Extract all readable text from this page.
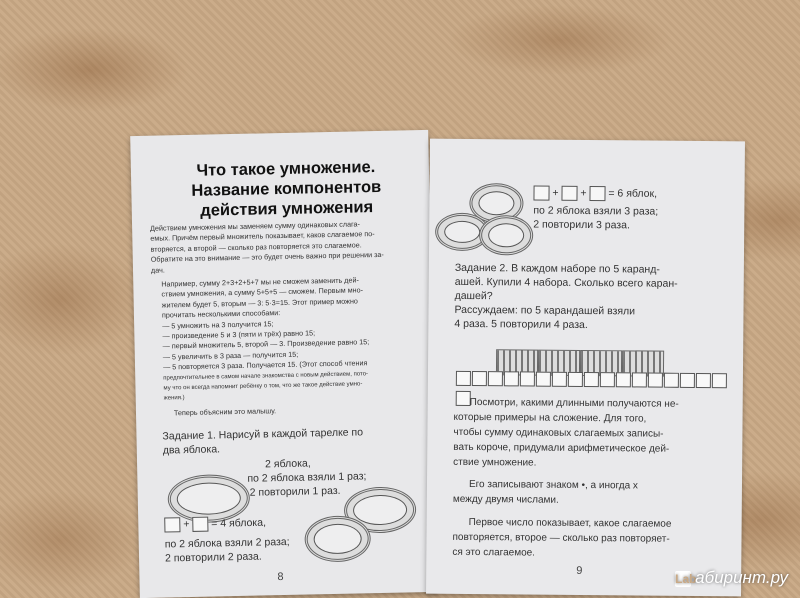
Что такое умножение.
Название компонентов
действия умножения
Действием умножения мы заменяем сумму одинаковых слага-
емых. Причём первый множитель показывает, каков слагаемое по-
вторяется, а второй — сколько раз повторяется это слагаемое.
Обратите на это внимание — это будет очень важно при решении за-
дач.
Например, сумму 2+3+2+5+7 мы не сможем заменить дей-
ствием умножения, а сумму 5+5+5 — сможем. Первым мно-
жителем будет 5, вторым — 3: 5·3=15. Этот пример можно
прочитать несколькими способами:
— 5 умножить на 3 получится 15;
— произведение 5 и 3 (пяти и трёх) равно 15;
— первый множитель 5, второй — 3. Произведение равно 15;
— 5 увеличить в 3 раза — получится 15;
— 5 повторяется 3 раза. Получается 15. (Этот способ чтения
предпочтительнее в самом начале знакомства с новым действием, пото-
му что он всегда напомнит ребёнку о том, что же такое действие умно-
жения.)
Теперь объясним это малышу.
Задание 1. Нарисуй в каждой тарелке по
два яблока.
2 яблока,
по 2 яблока взяли 1 раз;
2 повторили 1 раз.
+ = 4 яблока,
по 2 яблока взяли 2 раза;
2 повторили 2 раза.
8
+ + = 6 яблок,
по 2 яблока взяли 3 раза;
2 повторили 3 раза.
Задание 2. В каждом наборе по 5 каранд-
ашей. Купили 4 набора. Сколько всего каран-
дашей?
Рассуждаем: по 5 карандашей взяли
4 раза. 5 повторили 4 раза.
Посмотри, какими длинными получаются не-
которые примеры на сложение. Для того,
чтобы сумму одинаковых слагаемых записы-
вать короче, придумали арифметическое дей-
ствие умножение.
Его записывают знаком •, а иногда х
между двумя числами.
Первое число показывает, какое слагаемое
повторяется, второе — сколько раз повторяет-
ся это слагаемое.
9
Labабиринт.ру
